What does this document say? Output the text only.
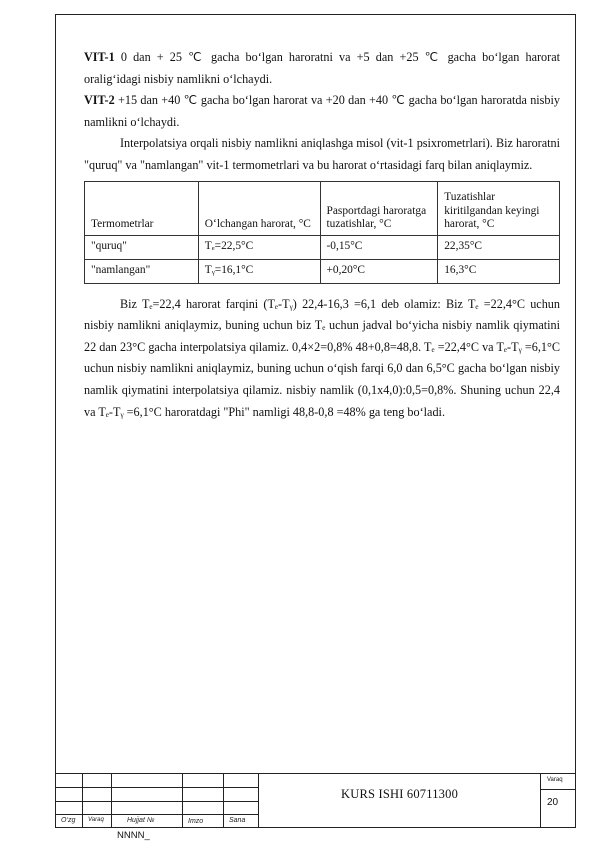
VIT-1 0 dan + 25 ℃ gacha bo‘lgan haroratni va +5 dan +25 ℃ gacha bo‘lgan harorat oralig‘idagi nisbiy namlikni o‘lchaydi.

VIT-2 +15 dan +40 ℃ gacha bo‘lgan harorat va +20 dan +40 ℃ gacha bo‘lgan haroratda nisbiy namlikni o‘lchaydi.

Interpolatsiya orqali nisbiy namlikni aniqlashga misol (vit-1 psixrometrlari). Biz haroratni "quruq" va "namlangan" vit-1 termometrlari va bu harorat o‘rtasidagi farq bilan aniqlaymiz.

Termometrlar	O‘lchangan harorat, °C	Pasportdagi haroratga tuzatishlar, °C	Tuzatishlar kiritilgandan keyingi harorat, °C
"quruq"	Tₑ=22,5°C	-0,15°C	22,35°C
"namlangan"	Tᵧ=16,1°C	+0,20°C	16,3°C

Biz Tₑ=22,4 harorat farqini (Tₑ-Tᵧ) 22,4-16,3 =6,1 deb olamiz: Biz Tₑ =22,4°C uchun nisbiy namlikni aniqlaymiz, buning uchun biz Tₑ uchun jadval bo‘yicha nisbiy namlik qiymatini 22 dan 23°C gacha interpolatsiya qilamiz. 0,4×2=0,8% 48+0,8=48,8. Tₑ =22,4°C va Tₑ-Tᵧ =6,1°C uchun nisbiy namlikni aniqlaymiz, buning uchun o‘qish farqi 6,0 dan 6,5°C gacha bo‘lgan nisbiy namlik qiymatini interpolatsiya qilamiz. nisbiy namlik (0,1x4,0):0,5=0,8%. Shuning uchun 22,4 va Tₑ-Tᵧ =6,1°C haroratdagi "Phi" namligi 48,8-0,8 =48% ga teng bo‘ladi.

O‘zg Varaq	Hujjat №	Imzo	Sana
KURS ISHI 60711300
Varaq
20
NNNN_
